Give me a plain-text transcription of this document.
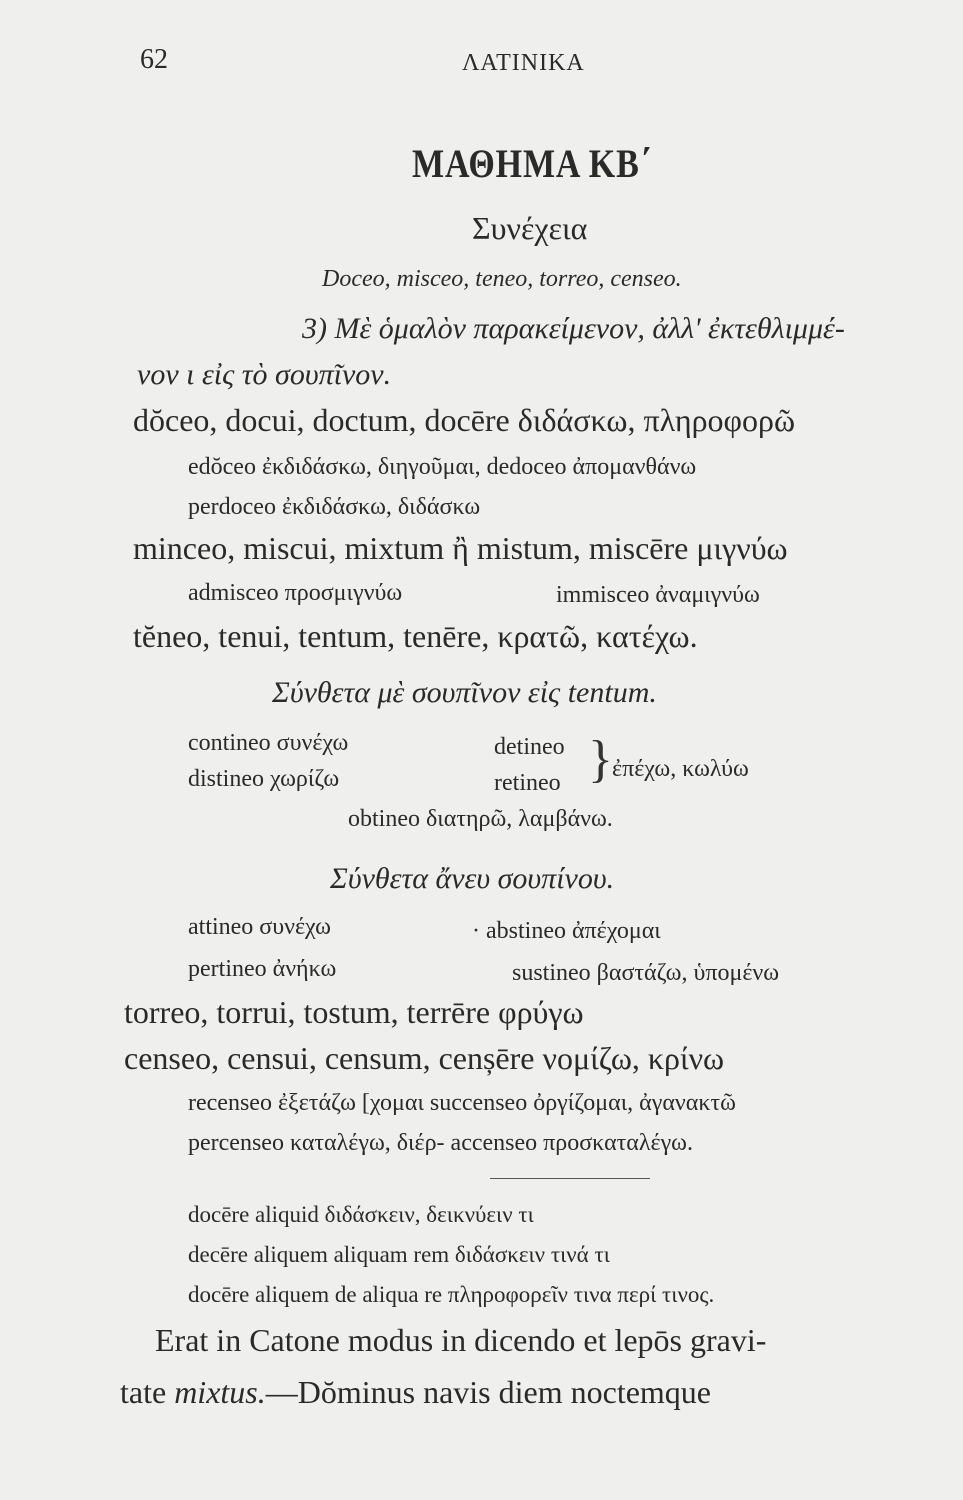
62	ΛΑΤΙΝΙΚΑ
ΜΑΘΗΜΑ ΚΒ΄
Συνέχεια
Doceo, misceo, teneo, torreo, censeo.
3) Μὲ ὁμαλὸν παρακείμενον, ἀλλ' ἐκτεθλιμμέ-
νον ι εἰς τὸ σουπῖνον.
dŏceo, docui, doctum, docēre διδάσκω, πληροφορῶ
edŏceo ἐκδιδάσκω, διηγοῦμαι, dedoceo ἀπομανθάνω
perdoceo ἐκδιδάσκω, διδάσκω
minceo, miscui, mixtum ἢ mistum, miscēre μιγνύω
admisceo προσμιγνύω	immisceo ἀναμιγνύω
tĕneo, tenui, tentum, tenēre, κρατῶ, κατέχω.
Σύνθετα μὲ σουπῖνον εἰς tentum.
contineo συνέχω
distineo χωρίζω
detineo
retineo } ἐπέχω, κωλύω
obtineo διατηρῶ, λαμβάνω.
Σύνθετα ἄνευ σουπίνου.
attineo συνέχω
pertineo ἀνήκω
· abstineo ἀπέχομαι
sustineo βαστάζω, ὑπομένω
torreo, torrui, tostum, terrēre φρύγω
censeo, censui, censum, cenșēre νομίζω, κρίνω
recenseo ἐξετάζω [χομαι succenseo ὀργίζομαι, ἀγανακτῶ
percenseo καταλέγω, διέρ- accenseo προσκαταλέγω.
docēre aliquid διδάσκειν, δεικνύειν τι
decēre aliquem aliquam rem διδάσκειν τινά τι
docēre aliquem de aliqua re πληροφορεῖν τινα περί τινος.
Erat in Catone modus in dicendo et lepōs gravi-
tate mixtus.—Dŏminus navis diem noctemque
